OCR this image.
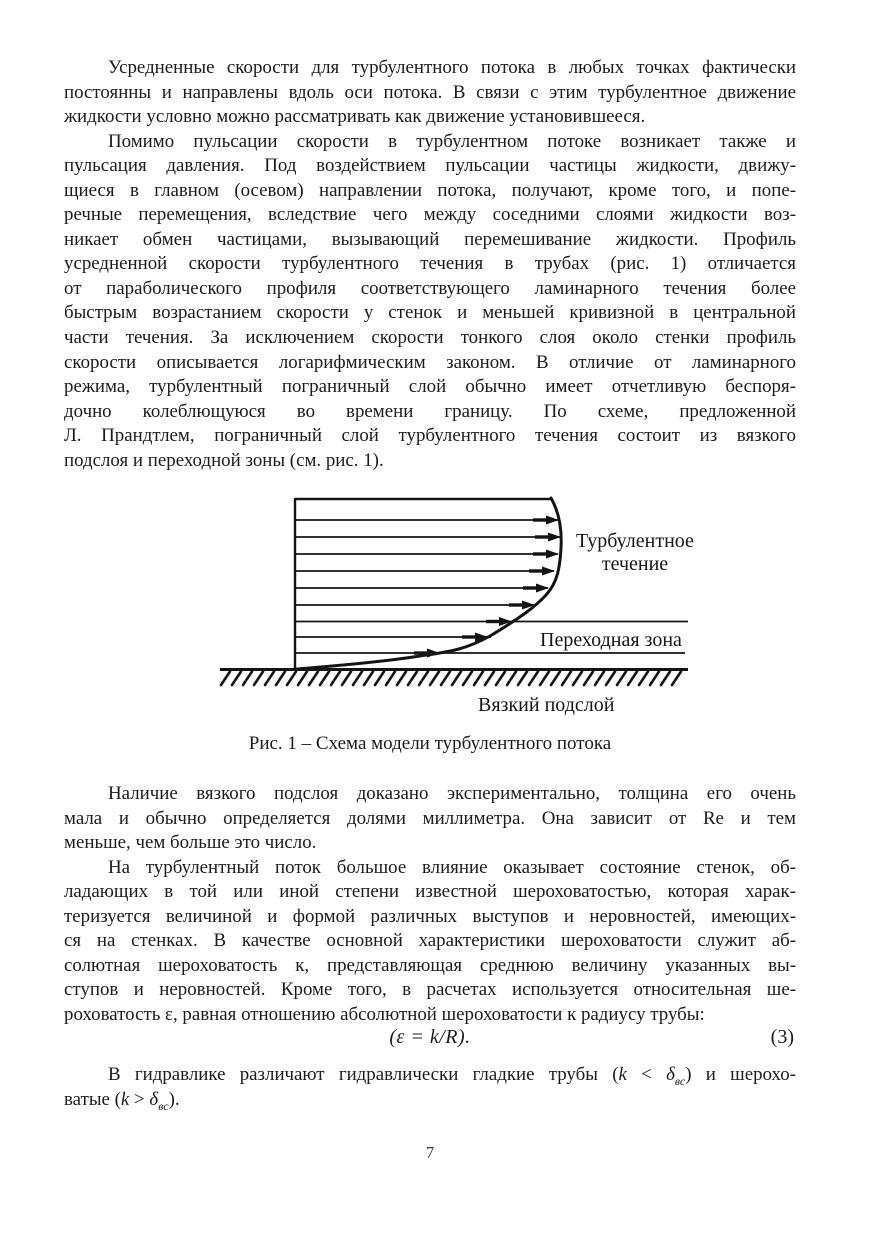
Усредненные скорости для турбулентного потока в любых точках фактически
постоянны и направлены вдоль оси потока. В связи с этим турбулентное движение
жидкости условно можно рассматривать как движение установившееся.
Помимо пульсации скорости в турбулентном потоке возникает также и
пульсация давления. Под воздействием пульсации частицы жидкости, движу-
щиеся в главном (осевом) направлении потока, получают, кроме того, и попе-
речные перемещения, вследствие чего между соседними слоями жидкости воз-
никает обмен частицами, вызывающий перемешивание жидкости. Профиль
усредненной скорости турбулентного течения в трубах (рис. 1) отличается
от параболического профиля соответствующего ламинарного течения более
быстрым возрастанием скорости у стенок и меньшей кривизной в центральной
части течения. За исключением скорости тонкого слоя около стенки профиль
скорости описывается логарифмическим законом. В отличие от ламинарного
режима, турбулентный пограничный слой обычно имеет отчетливую беспоря-
дочно колеблющуюся во времени границу. По схеме, предложенной
Л. Прандтлем, пограничный слой турбулентного течения состоит из вязкого
подслоя и переходной зоны (см. рис. 1).
Турбулентное
течение
Переходная зона
Вязкий подслой
Рис. 1 – Схема модели турбулентного потока
Наличие вязкого подслоя доказано экспериментально, толщина его очень
мала и обычно определяется долями миллиметра. Она зависит от Re и тем
меньше, чем больше это число.
На турбулентный поток большое влияние оказывает состояние стенок, об-
ладающих в той или иной степени известной шероховатостью, которая харак-
теризуется величиной и формой различных выступов и неровностей, имеющих-
ся на стенках. В качестве основной характеристики шероховатости служит аб-
солютная шероховатость к, представляющая среднюю величину указанных вы-
ступов и неровностей. Кроме того, в расчетах используется относительная ше-
роховатость ε, равная отношению абсолютной шероховатости к радиусу трубы:
(ε = k/R).	(3)
В гидравлике различают гидравлически гладкие трубы $(k < \delta_{вс})$ и шерохо-
ватые $(k > \delta_{вс})$.
7
